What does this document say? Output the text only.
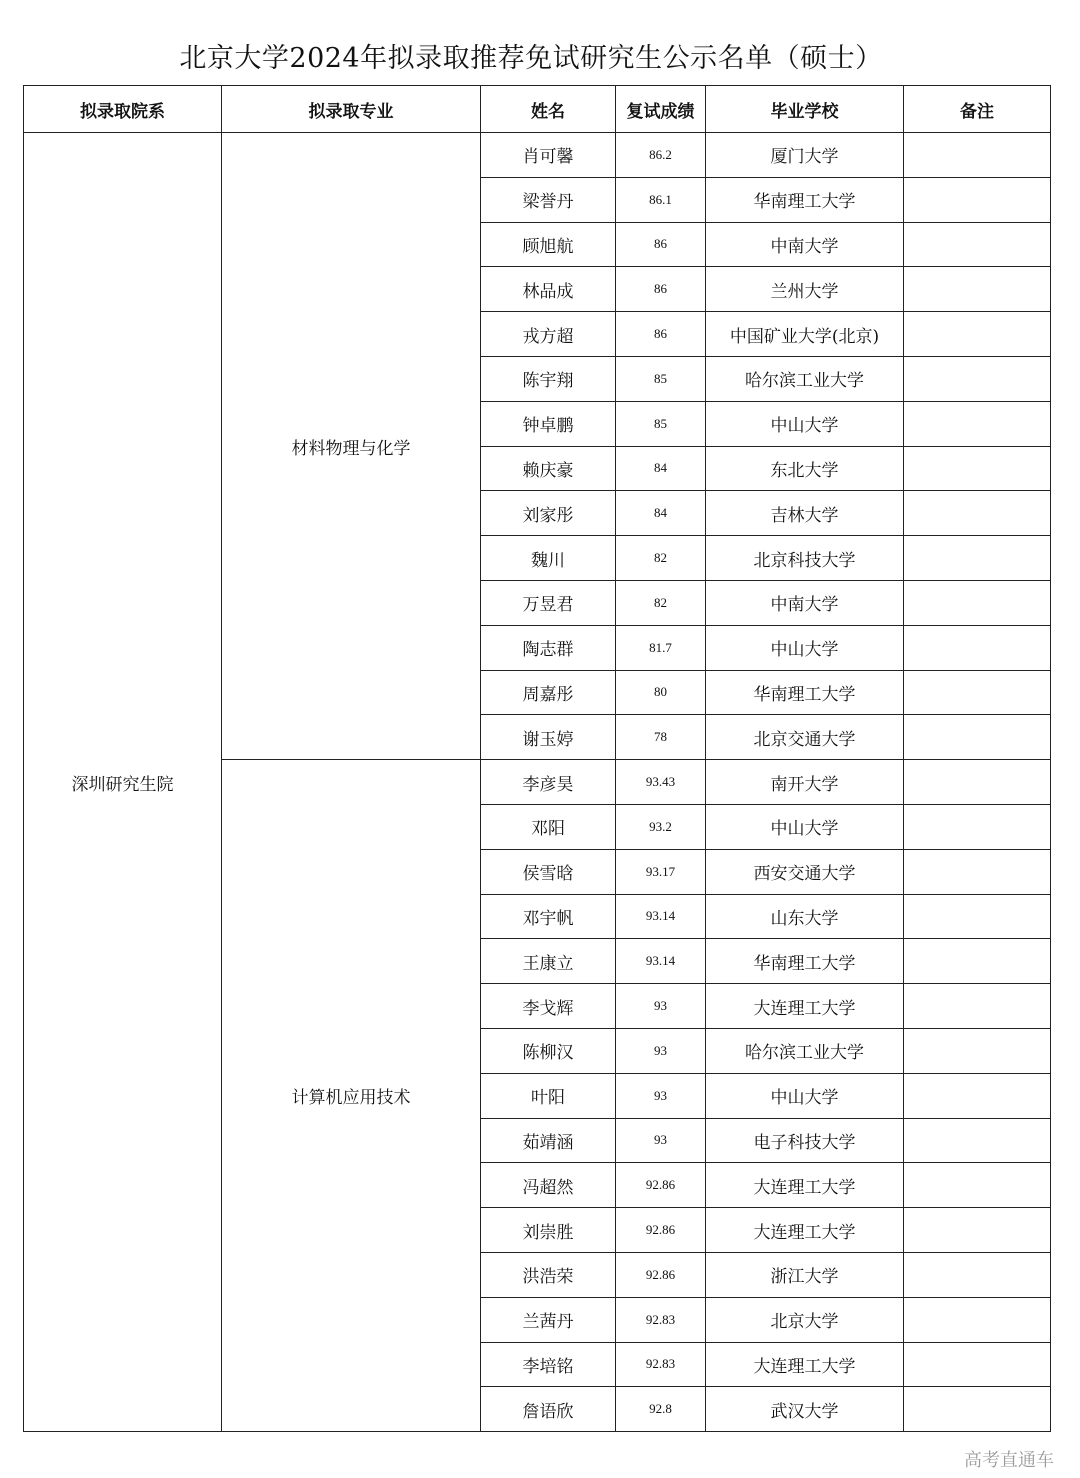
北京大学2024年拟录取推荐免试研究生公示名单（硕士）
拟录取院系	拟录取专业	姓名	复试成绩	毕业学校	备注
深圳研究生院	材料物理与化学	肖可馨	86.2	厦门大学	
		梁誉丹	86.1	华南理工大学	
		顾旭航	86	中南大学	
		林品成	86	兰州大学	
		戎方超	86	中国矿业大学(北京)	
		陈宇翔	85	哈尔滨工业大学	
		钟卓鹏	85	中山大学	
		赖庆豪	84	东北大学	
		刘家彤	84	吉林大学	
		魏川	82	北京科技大学	
		万昱君	82	中南大学	
		陶志群	81.7	中山大学	
		周嘉彤	80	华南理工大学	
		谢玉婷	78	北京交通大学	
	计算机应用技术	李彦昊	93.43	南开大学	
		邓阳	93.2	中山大学	
		侯雪晗	93.17	西安交通大学	
		邓宇帆	93.14	山东大学	
		王康立	93.14	华南理工大学	
		李戈辉	93	大连理工大学	
		陈柳汉	93	哈尔滨工业大学	
		叶阳	93	中山大学	
		茹靖涵	93	电子科技大学	
		冯超然	92.86	大连理工大学	
		刘崇胜	92.86	大连理工大学	
		洪浩荣	92.86	浙江大学	
		兰茜丹	92.83	北京大学	
		李培铭	92.83	大连理工大学	
		詹语欣	92.8	武汉大学	
高考直通车
